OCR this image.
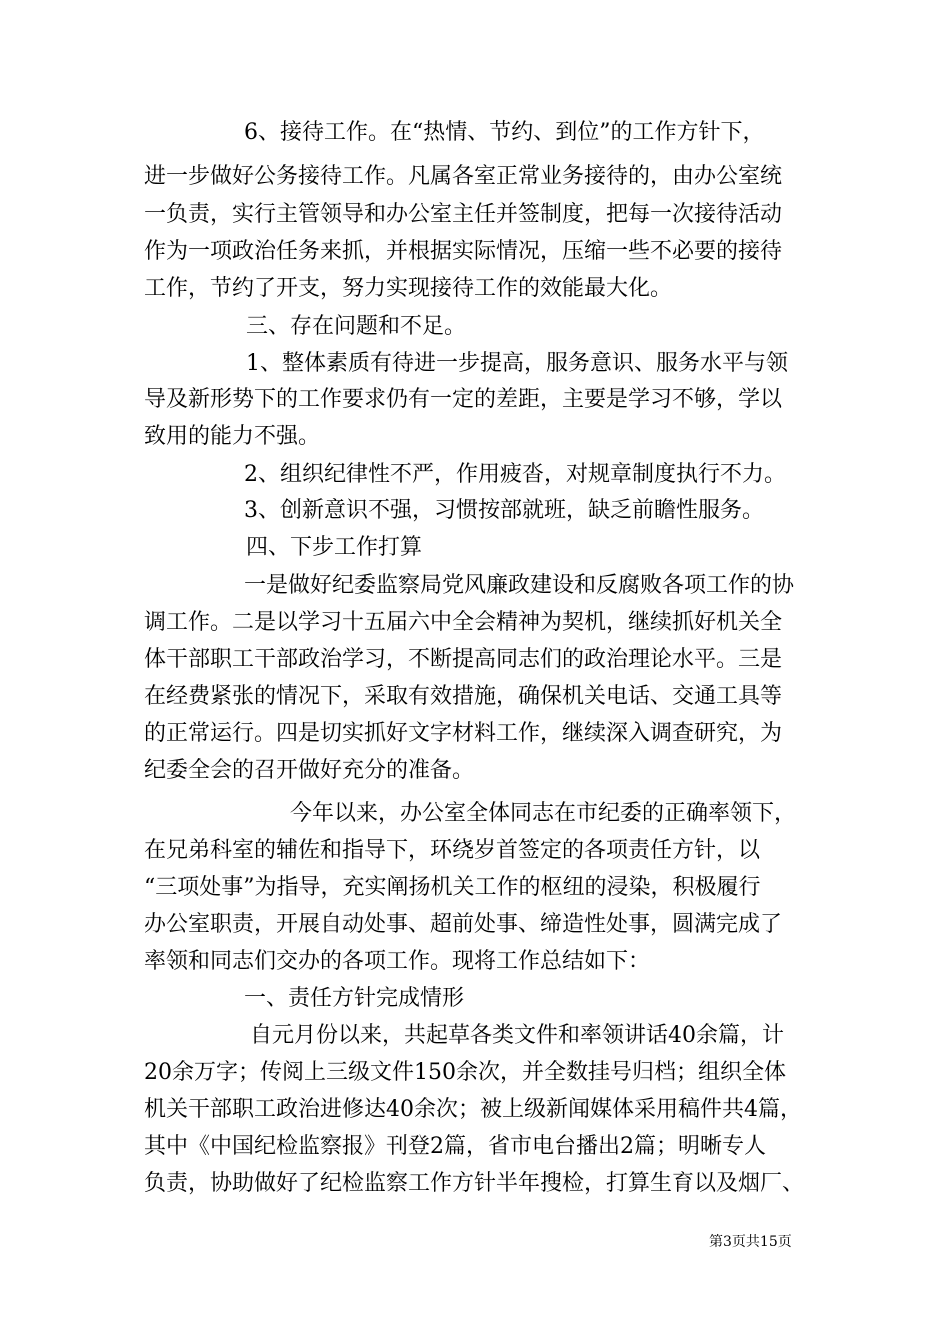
6、接待工作。在“热情、节约、到位”的工作方针下，
进一步做好公务接待工作。凡属各室正常业务接待的，由办公室统
一负责，实行主管领导和办公室主任并签制度，把每一次接待活动
作为一项政治任务来抓，并根据实际情况，压缩一些不必要的接待
工作，节约了开支，努力实现接待工作的效能最大化。
三、存在问题和不足。
1、整体素质有待进一步提高，服务意识、服务水平与领
导及新形势下的工作要求仍有一定的差距，主要是学习不够，学以
致用的能力不强。
2、组织纪律性不严，作用疲沓，对规章制度执行不力。
3、创新意识不强，习惯按部就班，缺乏前瞻性服务。
四、下步工作打算
一是做好纪委监察局党风廉政建设和反腐败各项工作的协
调工作。二是以学习十五届六中全会精神为契机，继续抓好机关全
体干部职工干部政治学习，不断提高同志们的政治理论水平。三是
在经费紧张的情况下，采取有效措施，确保机关电话、交通工具等
的正常运行。四是切实抓好文字材料工作，继续深入调查研究，为
纪委全会的召开做好充分的准备。
今年以来，办公室全体同志在市纪委的正确率领下，
在兄弟科室的辅佐和指导下，环绕岁首签定的各项责任方针，以
“三项处事”为指导，充实阐扬机关工作的枢纽的浸染，积极履行
办公室职责，开展自动处事、超前处事、缔造性处事，圆满完成了
率领和同志们交办的各项工作。现将工作总结如下：
一、责任方针完成情形
自元月份以来，共起草各类文件和率领讲话40余篇，计
20余万字；传阅上三级文件150余次，并全数挂号归档；组织全体
机关干部职工政治进修达40余次；被上级新闻媒体采用稿件共4篇，
其中《中国纪检监察报》刊登2篇，省市电台播出2篇；明晰专人
负责，协助做好了纪检监察工作方针半年搜检，打算生育以及烟厂、
第3页共15页
